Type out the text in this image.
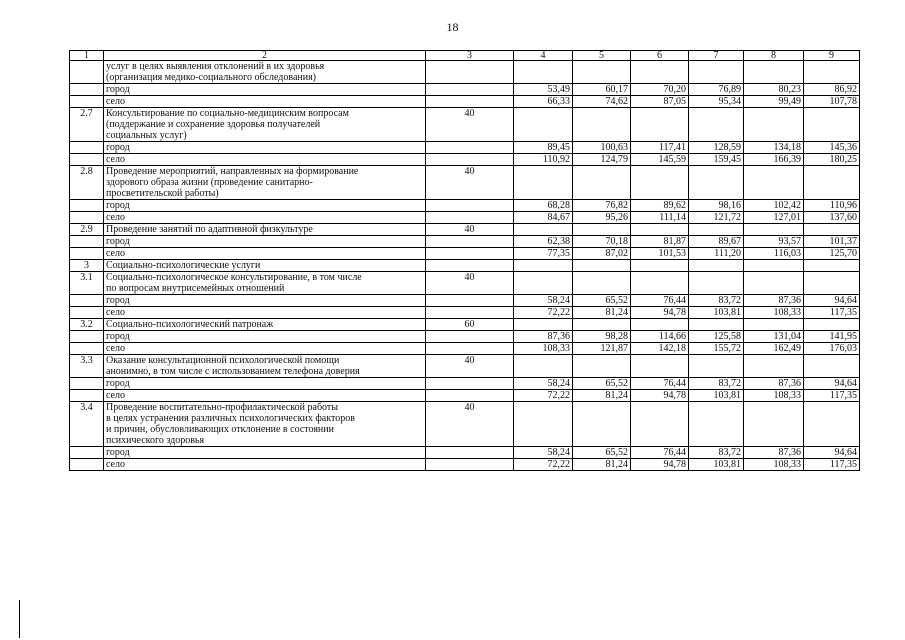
18
1	2	3	4	5	6	7	8	9

	услуг в целях выявления отклонений в их здоровья
(организация медико-социального обследования)							

	город		53,49	60,17	70,20	76,89	80,23	86,92
	село		66,33	74,62	87,05	95,34	99,49	107,78
2.7	Консультирование по социально-медицинским вопросам
(поддержание и сохранение здоровья получателей
социальных услуг)	40						
	город		89,45	100,63	117,41	128,59	134,18	145,36
	село		110,92	124,79	145,59	159,45	166,39	180,25
2.8	Проведение мероприятий, направленных на формирование
здорового образа жизни (проведение санитарно-
просветительской работы)	40						
	город		68,28	76,82	89,62	98,16	102,42	110,96
	село		84,67	95,26	111,14	121,72	127,01	137,60
2.9	Проведение занятий по адаптивной физкультуре	40						
	город		62,38	70,18	81,87	89,67	93,57	101,37
	село		77,35	87,02	101,53	111,20	116,03	125,70
3	Социально-психологические услуги							

3.1	Социально-психологическое консультирование, в том числе
по вопросам внутрисемейных отношений	40						
	город		58,24	65,52	76,44	83,72	87,36	94,64
	село		72,22	81,24	94,78	103,81	108,33	117,35
3.2	Социально-психологический патронаж	60						
	город		87,36	98,28	114,66	125,58	131,04	141,95
	село		108,33	121,87	142,18	155,72	162,49	176,03
3.3	Оказание консультационной психологической помощи
анонимно, в том числе с использованием телефона доверия	40						
	город		58,24	65,52	76,44	83,72	87,36	94,64
	село		72,22	81,24	94,78	103,81	108,33	117,35
3.4	Проведение воспитательно-профилактической работы
в целях устранения различных психологических факторов
и причин, обусловливающих отклонение в состоянии
психического здоровья	40						
	город		58,24	65,52	76,44	83,72	87,36	94,64
	село		72,22	81,24	94,78	103,81	108,33	117,35
